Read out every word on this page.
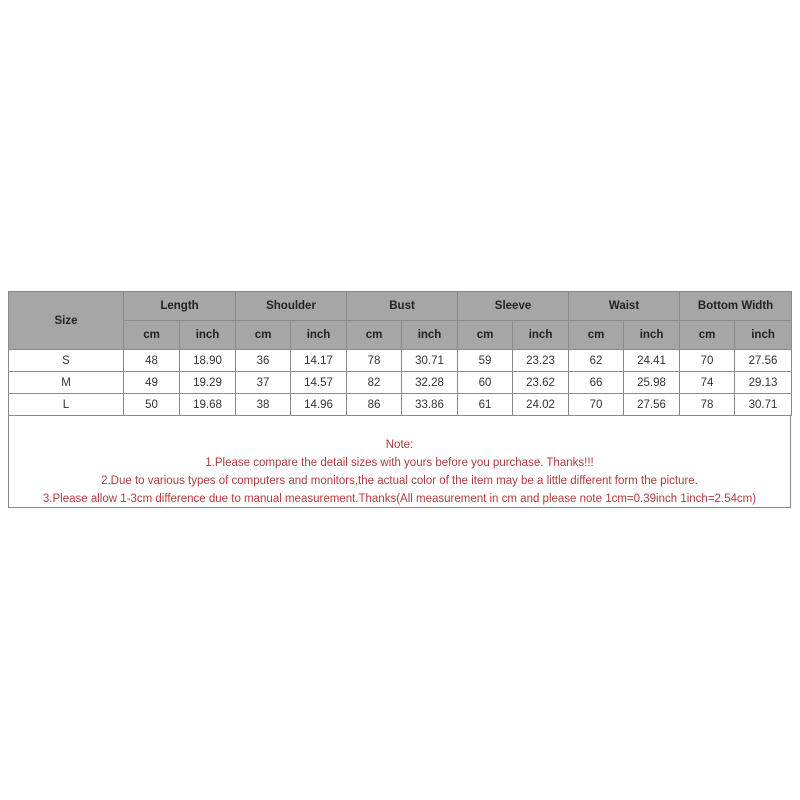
Size	Length		Shoulder		Bust		Sleeve		Waist		Bottom Width	
	cm	inch	cm	inch	cm	inch	cm	inch	cm	inch	cm	inch
S	48	18.90	36	14.17	78	30.71	59	23.23	62	24.41	70	27.56
M	49	19.29	37	14.57	82	32.28	60	23.62	66	25.98	74	29.13
L	50	19.68	38	14.96	86	33.86	61	24.02	70	27.56	78	30.71
Note:
1.Please compare the detail sizes with yours before you purchase. Thanks!!!
2.Due to various types of computers and monitors,the actual color of the item may be a little different form the picture.
3.Please allow 1-3cm difference due to manual measurement.Thanks(All measurement in cm and please note 1cm=0.39inch 1inch=2.54cm)
